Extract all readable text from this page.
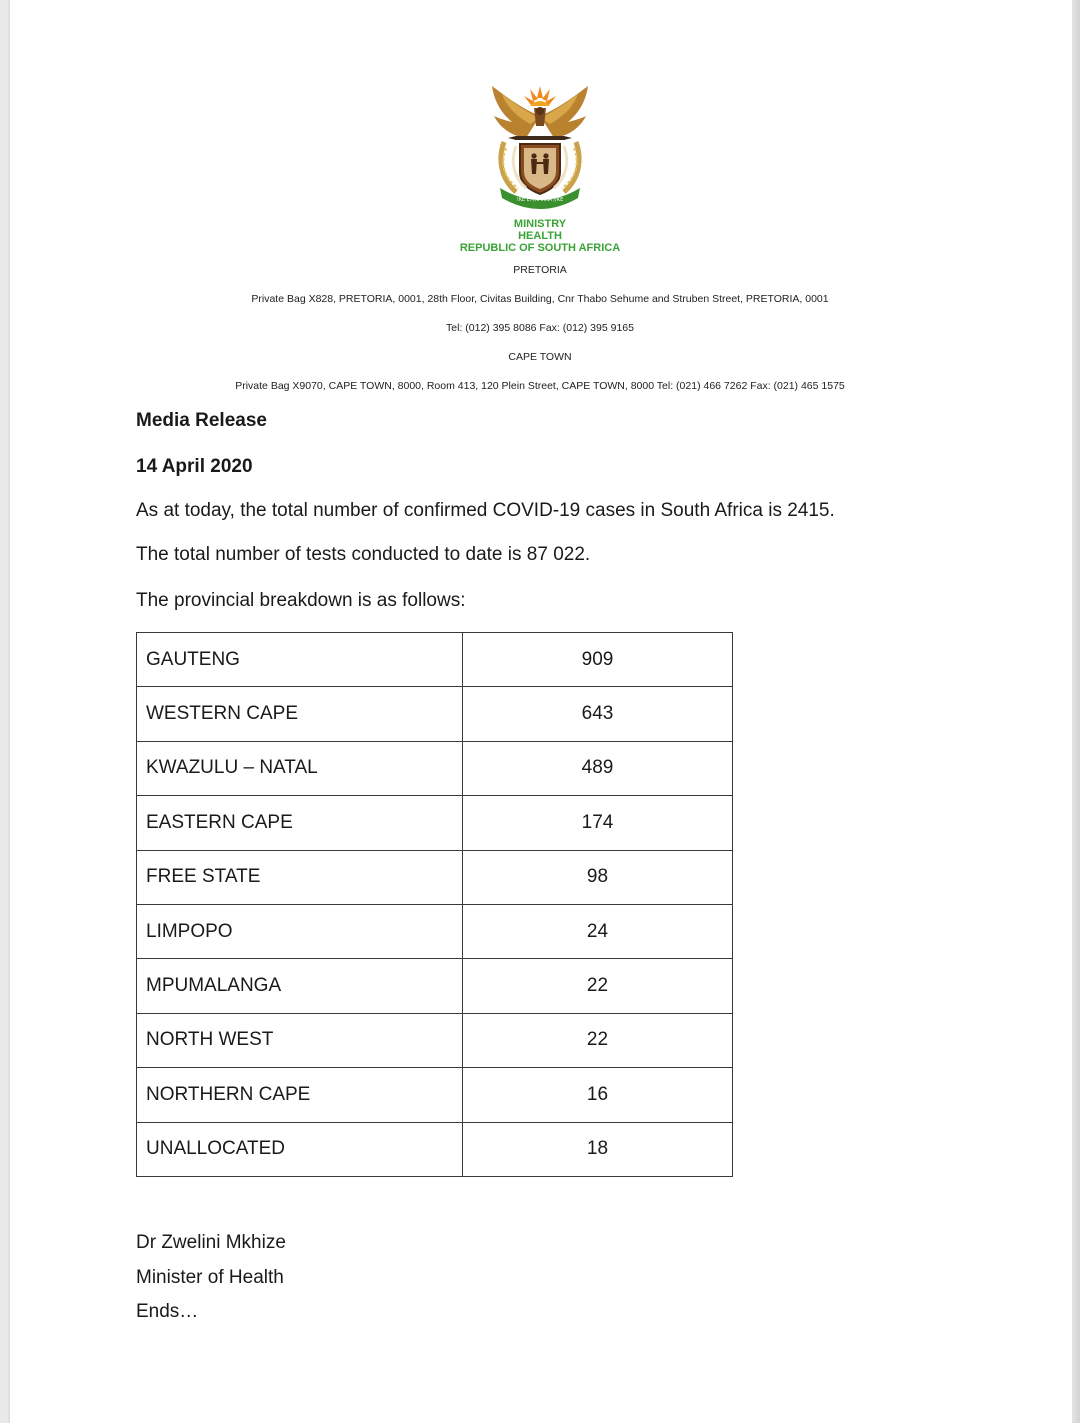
!KE E: /XARRA //KE
MINISTRY
HEALTH
REPUBLIC OF SOUTH AFRICA
PRETORIA
Private Bag X828, PRETORIA, 0001, 28th Floor, Civitas Building, Cnr Thabo Sehume and Struben Street, PRETORIA, 0001
Tel: (012) 395 8086 Fax: (012) 395 9165
CAPE TOWN
Private Bag X9070, CAPE TOWN, 8000, Room 413, 120 Plein Street, CAPE TOWN, 8000 Tel: (021) 466 7262 Fax: (021) 465 1575
Media Release
14 April 2020
As at today, the total number of confirmed COVID-19 cases in South Africa is 2415.
The total number of tests conducted to date is 87 022.
The provincial breakdown is as follows:
GAUTENG	909
WESTERN CAPE	643
KWAZULU – NATAL	489
EASTERN CAPE	174
FREE STATE	98
LIMPOPO	24
MPUMALANGA	22
NORTH WEST	22
NORTHERN CAPE	16
UNALLOCATED	18
Dr Zwelini Mkhize
Minister of Health
Ends…
